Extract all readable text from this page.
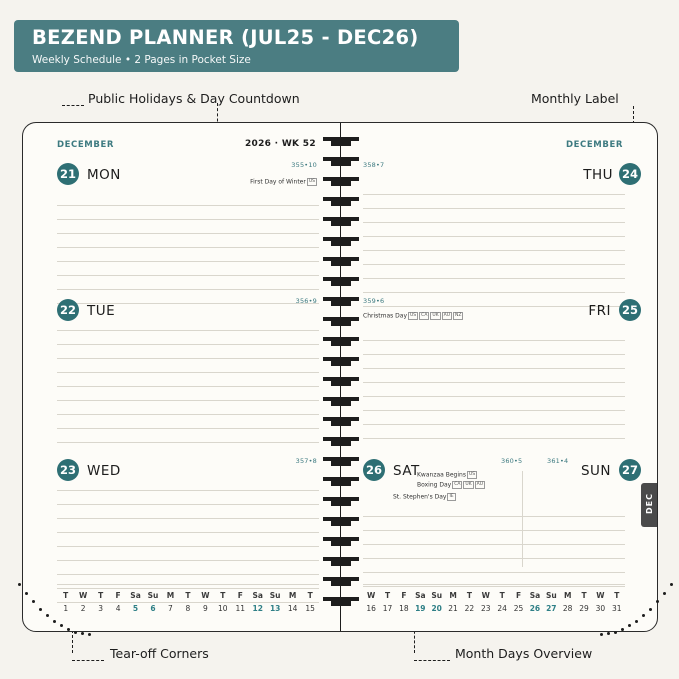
BEZEND PLANNER (JUL25 - DEC26)
Weekly Schedule • 2 Pages in Pocket Size
Public Holidays & Day Countdown	Monthly Label
Tear-off Corners	Month Days Overview
DECEMBER	2026 · WK 52
21 MON
355•10
First Day of Winter US
22 TUE
356•9
23 WED
357•8
T	W	T	F	Sa	Su	M	T	W	T	F	Sa	Su	M	T
1	2	3	4	5	6	7	8	9	10	11	12	13	14	15
DECEMBER
358•7
24
THU
359•6
25
FRI
Christmas Day US CA UK AU NZ
26 SAT
360•5
27
SUN
361•4
Kwanzaa Begins US
Boxing Day CA UK AU
St. Stephen's Day IE
W	T	F	Sa	Su	M	T	W	T	F	Sa	Su	M	T	W	T
16	17	18	19	20	21	22	23	24	25	26	27	28	29	30	31
DEC
